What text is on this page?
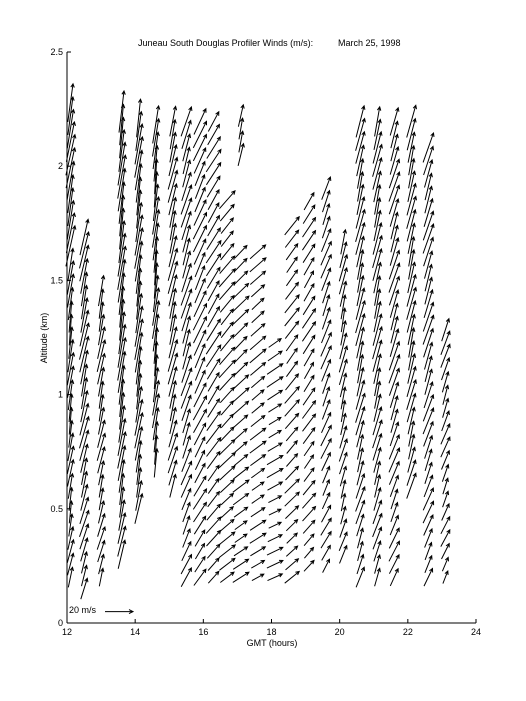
Juneau South Douglas Profiler Winds (m/s):	March 25, 1998
12	14	16	18	20	22	24
0
0.5
1
1.5
2
2.5
GMT (hours)
Altitude (km)
20 m/s
